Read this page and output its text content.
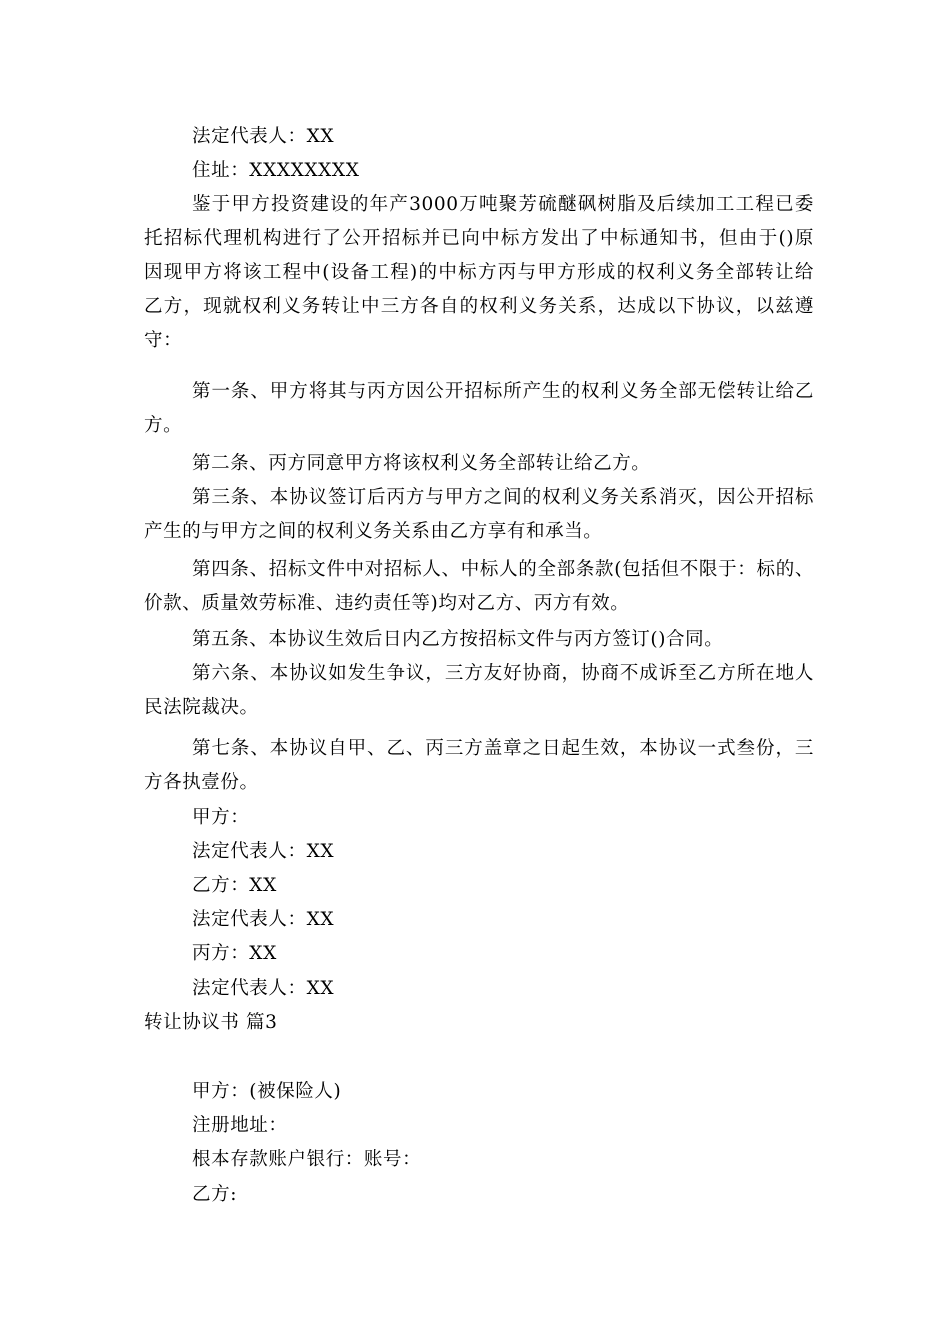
法定代表人：XX
住址：XXXXXXXX
鉴于甲方投资建设的年产3000万吨聚芳硫醚砜树脂及后续加工工程已委
托招标代理机构进行了公开招标并已向中标方发出了中标通知书，但由于()原
因现甲方将该工程中(设备工程)的中标方丙与甲方形成的权利义务全部转让给
乙方，现就权利义务转让中三方各自的权利义务关系，达成以下协议，以兹遵
守：
第一条、甲方将其与丙方因公开招标所产生的权利义务全部无偿转让给乙
方。
第二条、丙方同意甲方将该权利义务全部转让给乙方。
第三条、本协议签订后丙方与甲方之间的权利义务关系消灭，因公开招标
产生的与甲方之间的权利义务关系由乙方享有和承当。
第四条、招标文件中对招标人、中标人的全部条款(包括但不限于：标的、
价款、质量效劳标准、违约责任等)均对乙方、丙方有效。
第五条、本协议生效后日内乙方按招标文件与丙方签订()合同。
第六条、本协议如发生争议，三方友好协商，协商不成诉至乙方所在地人
民法院裁决。
第七条、本协议自甲、乙、丙三方盖章之日起生效，本协议一式叁份，三
方各执壹份。
甲方：
法定代表人：XX
乙方：XX
法定代表人：XX
丙方：XX
法定代表人：XX
转让协议书 篇3
甲方：(被保险人)
注册地址：
根本存款账户银行：账号：
乙方:
